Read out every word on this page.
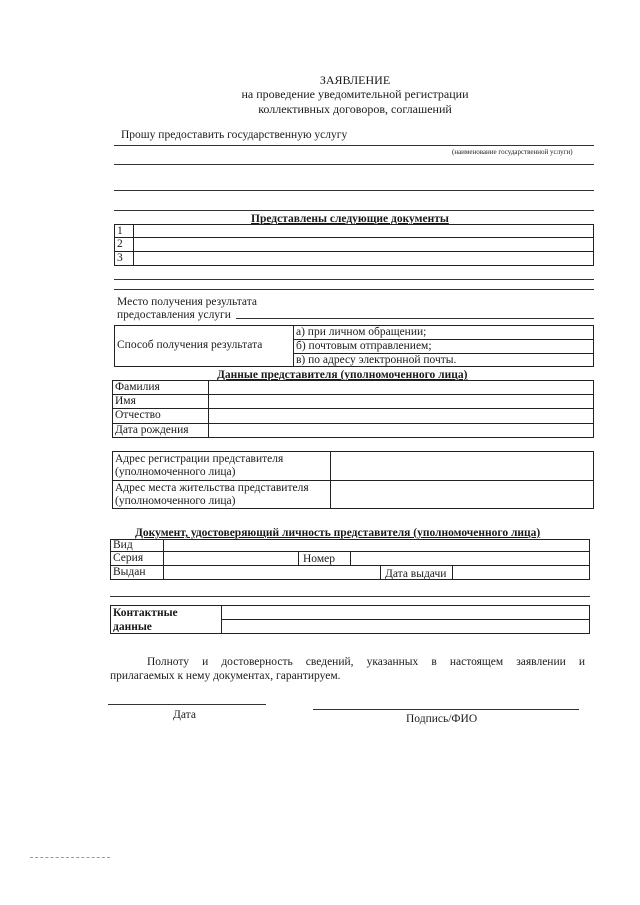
ЗАЯВЛЕНИЕ
на проведение уведомительной регистрации
коллективных договоров, соглашений
Прошу предоставить государственную услугу
(наименование государственной услуги)
Представлены следующие документы
1
2
3
Место получения результата
предоставления услуги
Способ получения результата
а) при личном обращении;
б) почтовым отправлением;
в) по адресу электронной почты.
Данные представителя (уполномоченного лица)
Фамилия
Имя
Отчество
Дата рождения
Адрес регистрации представителя
(уполномоченного лица)
Адрес места жительства представителя
(уполномоченного лица)
Документ, удостоверяющий личность представителя (уполномоченного лица)
Вид
Серия	Номер
Выдан	Дата выдачи
Контактные
данные
Полноту и достоверность сведений, указанных в настоящем заявлении и
прилагаемых к нему документах, гарантируем.
Дата	Подпись/ФИО
